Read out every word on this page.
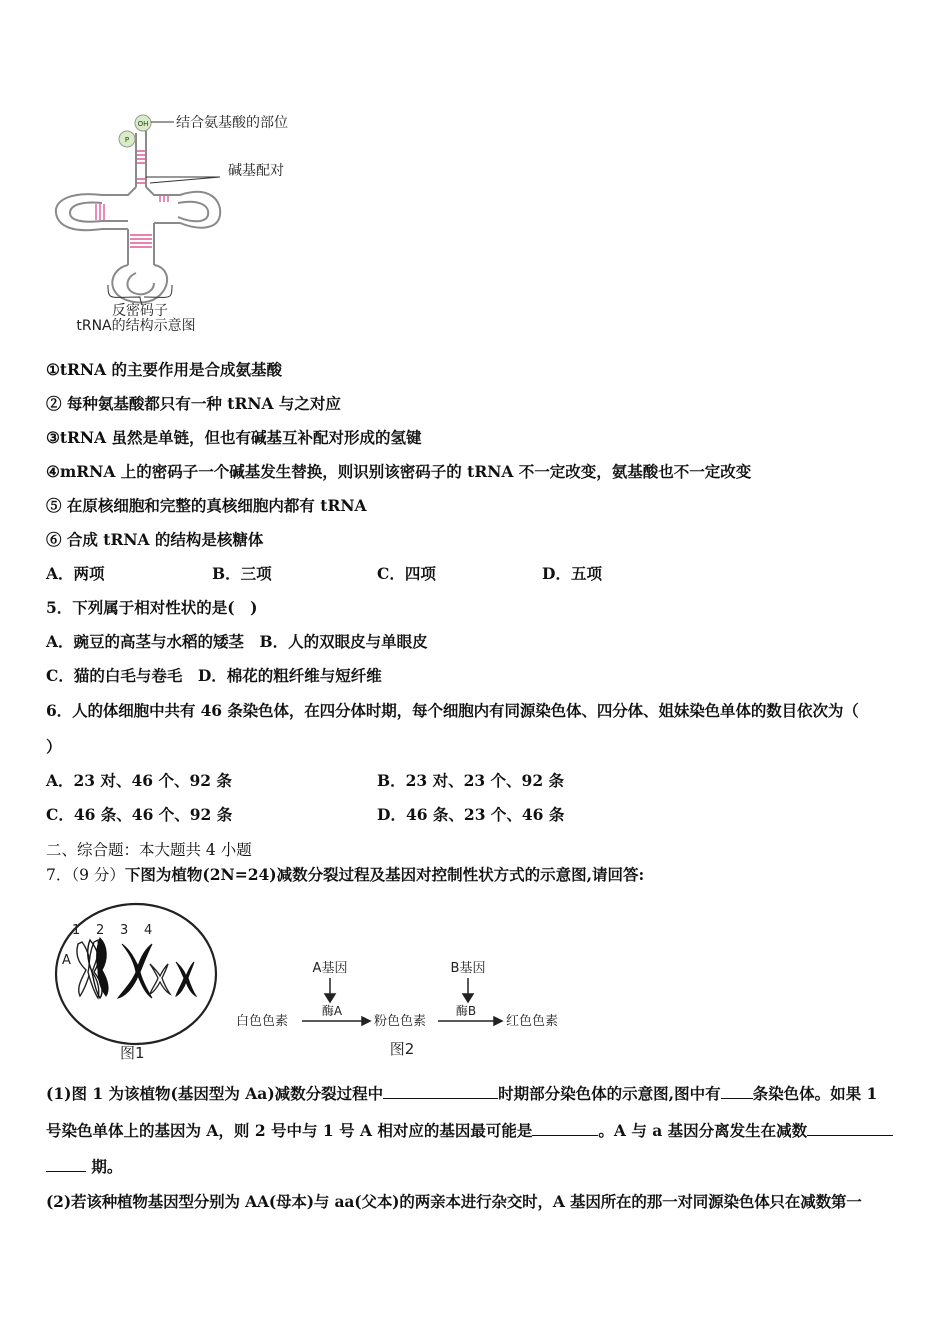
OH
P
结合氨基酸的部位
碱基配对
反密码子
tRNA的结构示意图
①tRNA 的主要作用是合成氨基酸
② 每种氨基酸都只有一种 tRNA 与之对应
③tRNA 虽然是单链，但也有碱基互补配对形成的氢键
④mRNA 上的密码子一个碱基发生替换，则识别该密码子的 tRNA 不一定改变，氨基酸也不一定改变
⑤ 在原核细胞和完整的真核细胞内都有 tRNA
⑥ 合成 tRNA 的结构是核糖体
A．两项	B．三项	C．四项	D．五项
5．下列属于相对性状的是(　)
A．豌豆的高茎与水稻的矮茎　B．人的双眼皮与单眼皮
C．猫的白毛与卷毛　D．棉花的粗纤维与短纤维
6．人的体细胞中共有 46 条染色体，在四分体时期，每个细胞内有同源染色体、四分体、姐妹染色单体的数目依次为（
）
A．23 对、46 个、92 条	B．23 对、23 个、92 条
C．46 条、46 个、92 条	D．46 条、23 个、46 条
二、综合题：本大题共 4 小题
7．（9 分）下图为植物(2N=24)减数分裂过程及基因对控制性状方式的示意图,请回答:
1 2 3 4
A
图1
A基因	B基因
酶A	酶B
白色色素	粉色色素	红色色素
图2
(1)图 1 为该植物(基因型为 Aa)减数分裂过程中	时期部分染色体的示意图,图中有 条染色体。如果 1
号染色单体上的基因为 A，则 2 号中与 1 号 A 相对应的基因最可能是	。A 与 a 基因分离发生在减数
期。
(2)若该种植物基因型分别为 AA(母本)与 aa(父本)的两亲本进行杂交时，A 基因所在的那一对同源染色体只在减数第一
